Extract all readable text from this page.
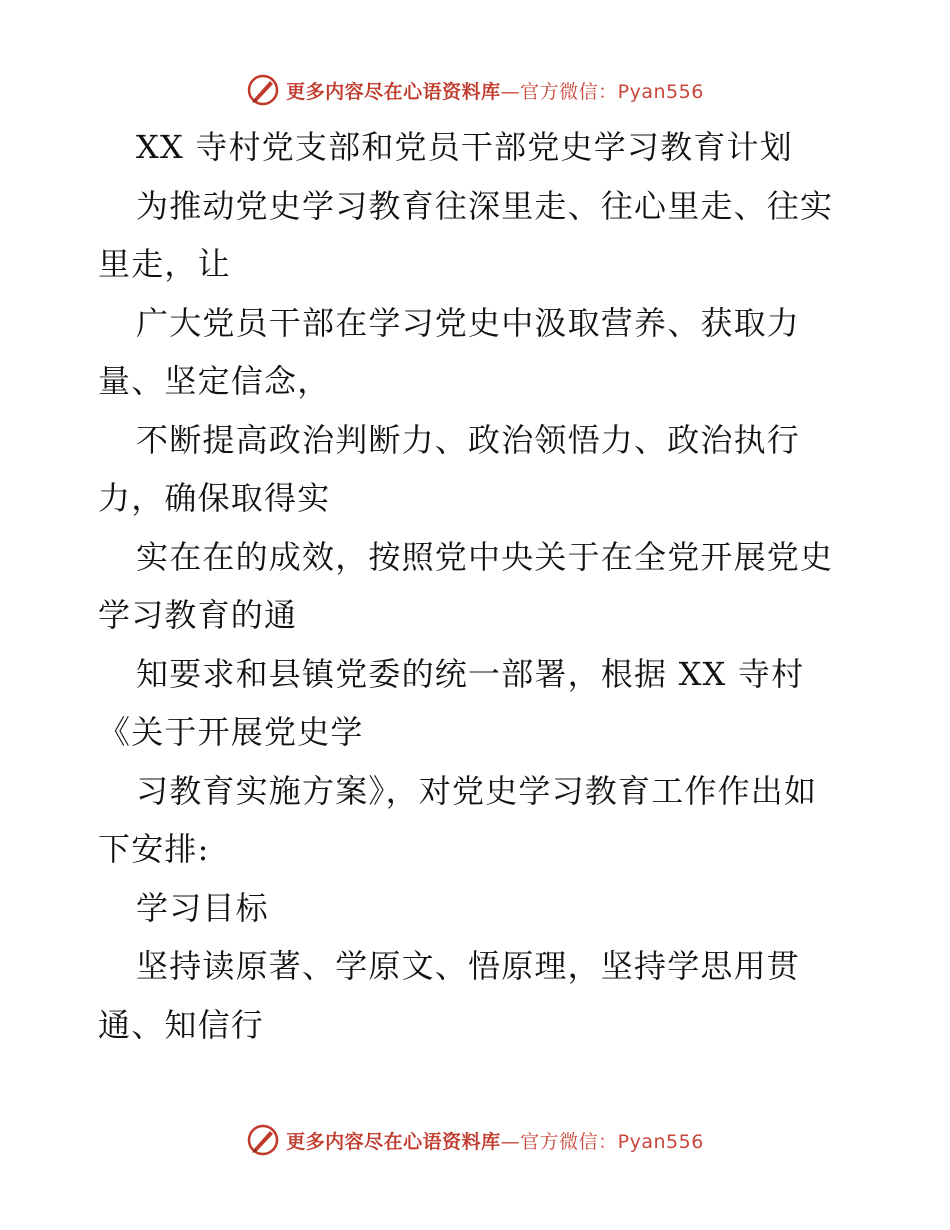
更多内容尽在心语资料库—官方微信：Pyan556
XX 寺村党支部和党员干部党史学习教育计划
为推动党史学习教育往深里走、往心里走、往实
里走，让
广大党员干部在学习党史中汲取营养、获取力
量、坚定信念，
不断提高政治判断力、政治领悟力、政治执行
力，确保取得实
实在在的成效，按照党中央关于在全党开展党史
学习教育的通
知要求和县镇党委的统一部署，根据 XX 寺村
《关于开展党史学
习教育实施方案》，对党史学习教育工作作出如
下安排:
学习目标
坚持读原著、学原文、悟原理，坚持学思用贯
通、知信行
更多内容尽在心语资料库—官方微信：Pyan556
